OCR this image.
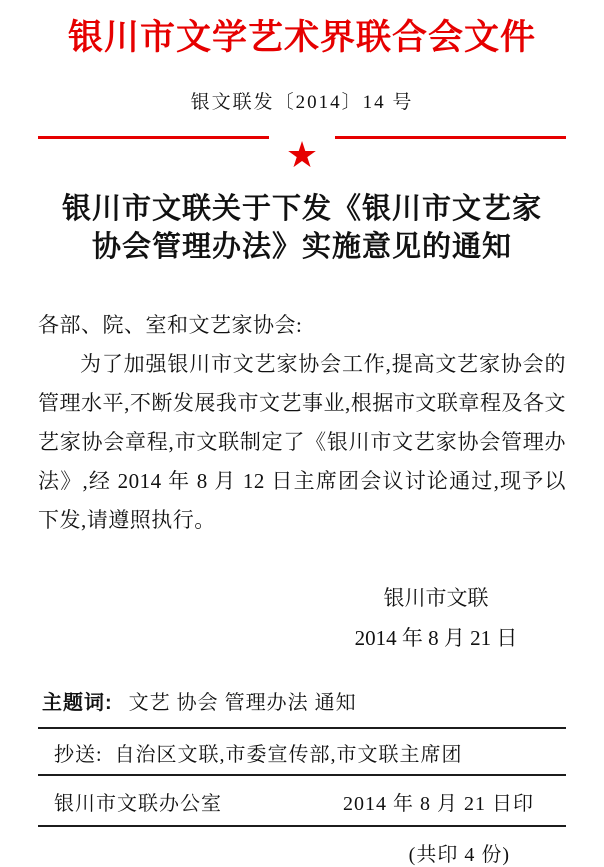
银川市文学艺术界联合会文件
银文联发〔2014〕14 号
★
银川市文联关于下发《银川市文艺家
协会管理办法》实施意见的通知
各部、院、室和文艺家协会:
为了加强银川市文艺家协会工作,提高文艺家协会的管理水平,不断发展我市文艺事业,根据市文联章程及各文艺家协会章程,市文联制定了《银川市文艺家协会管理办法》,经 2014 年 8 月 12 日主席团会议讨论通过,现予以下发,请遵照执行。
银川市文联
2014 年 8 月 21 日
主题词: 文艺 协会 管理办法 通知
抄送: 自治区文联,市委宣传部,市文联主席团
银川市文联办公室	2014 年 8 月 21 日印
(共印 4 份)
